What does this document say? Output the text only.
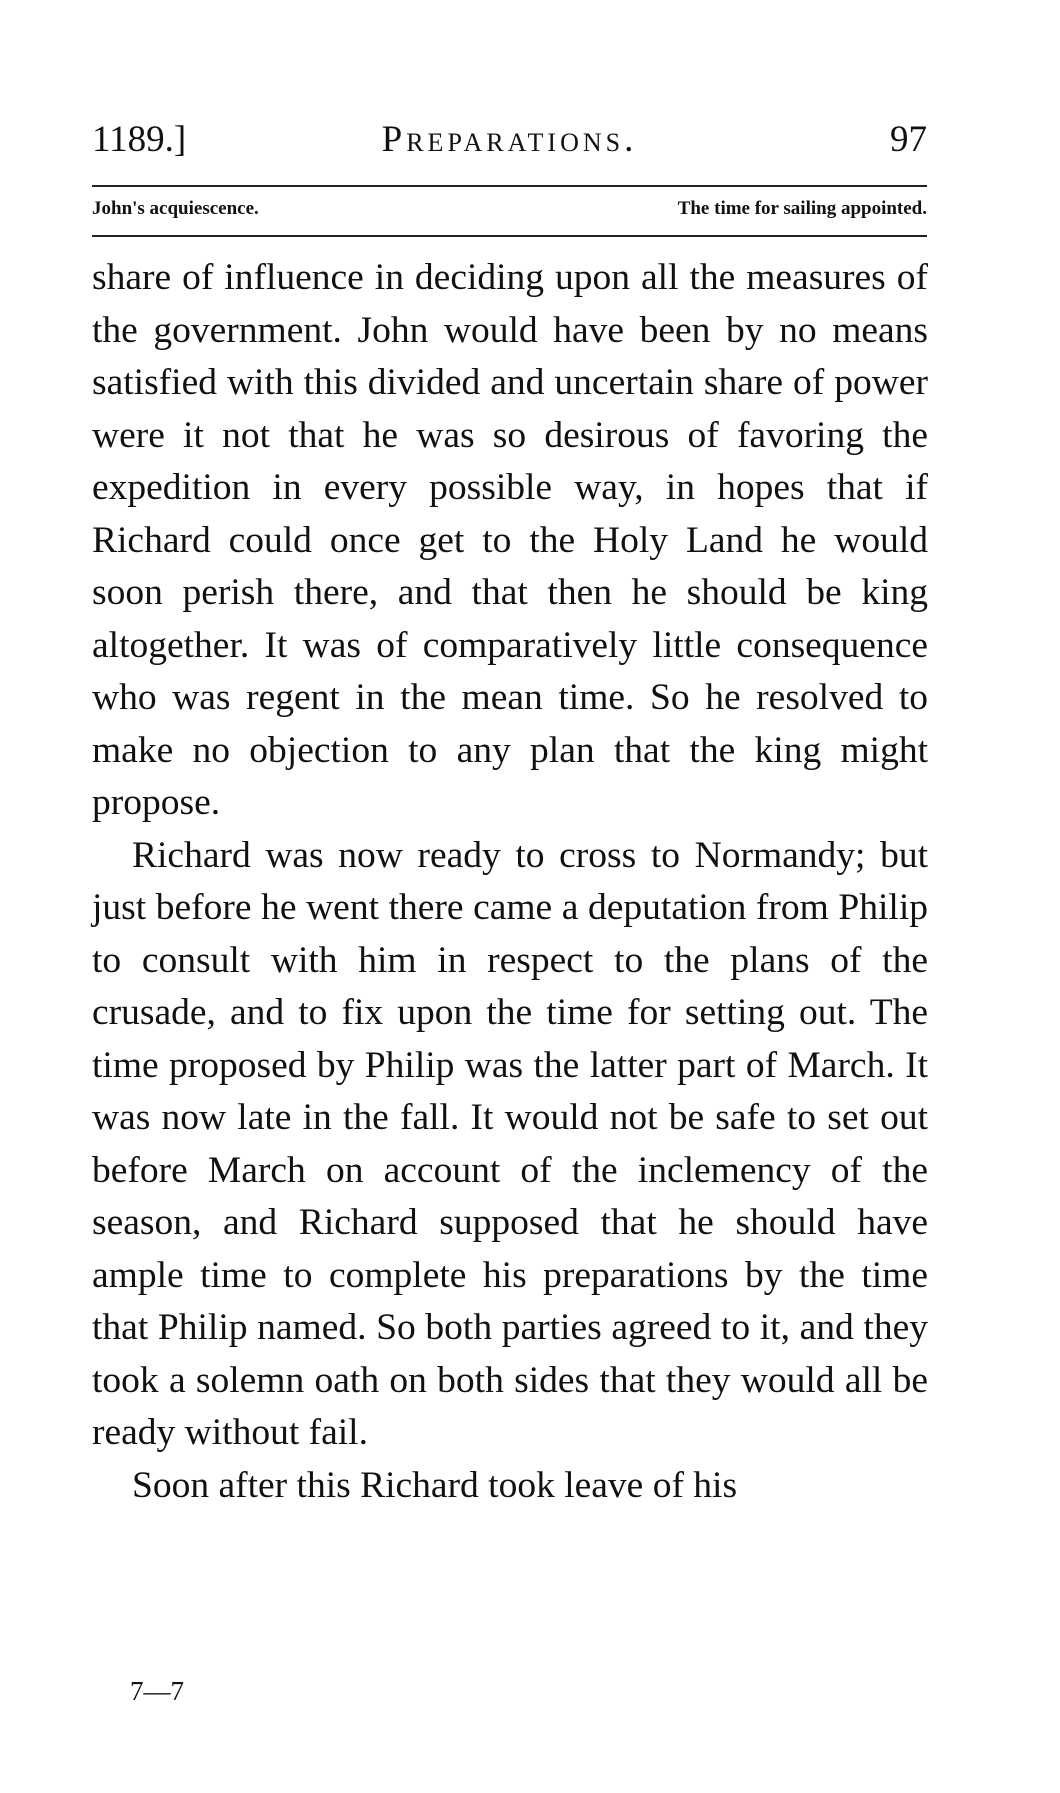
1189.]	Preparations.	97
John's acquiescence.	The time for sailing appointed.

share of influence in deciding upon all the measures of the government. John would have been by no means satisfied with this divided and uncertain share of power were it not that he was so desirous of favoring the expedition in every possible way, in hopes that if Richard could once get to the Holy Land he would soon perish there, and that then he should be king altogether. It was of comparatively little consequence who was regent in the mean time. So he resolved to make no objection to any plan that the king might propose.

Richard was now ready to cross to Normandy; but just before he went there came a deputation from Philip to consult with him in respect to the plans of the crusade, and to fix upon the time for setting out. The time proposed by Philip was the latter part of March. It was now late in the fall. It would not be safe to set out before March on account of the inclemency of the season, and Richard supposed that he should have ample time to complete his preparations by the time that Philip named. So both parties agreed to it, and they took a solemn oath on both sides that they would all be ready without fail.

Soon after this Richard took leave of his

7—7
